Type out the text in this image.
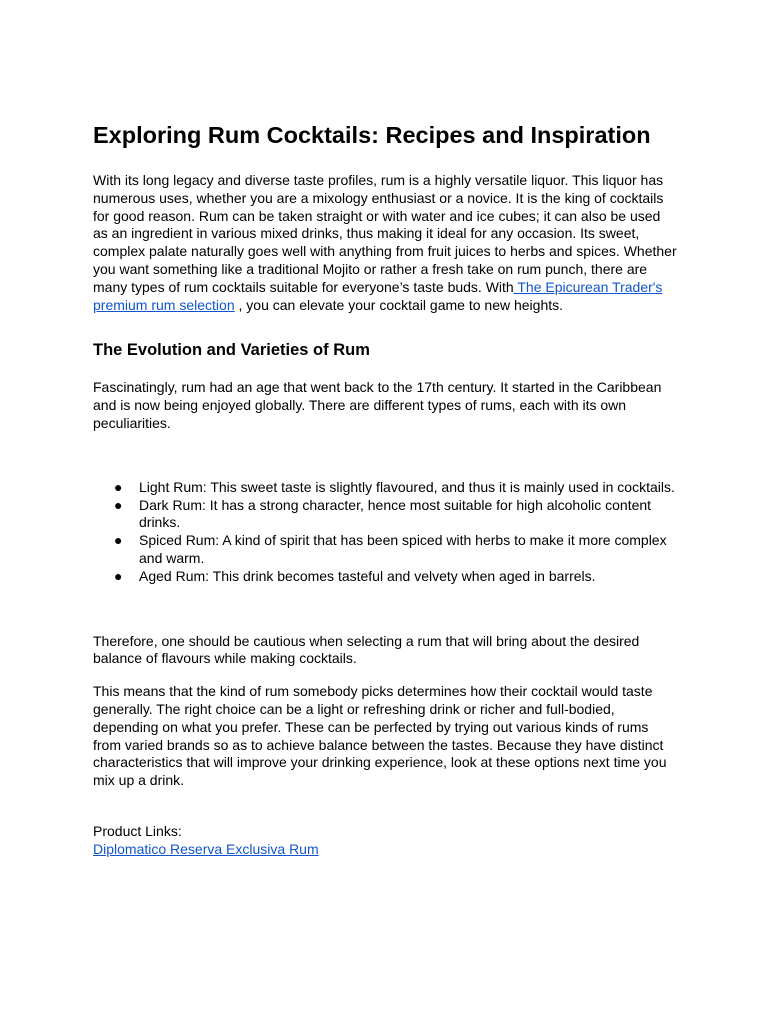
Exploring Rum Cocktails: Recipes and Inspiration

With its long legacy and diverse taste profiles, rum is a highly versatile liquor. This liquor has numerous uses, whether you are a mixology enthusiast or a novice. It is the king of cocktails for good reason. Rum can be taken straight or with water and ice cubes; it can also be used as an ingredient in various mixed drinks, thus making it ideal for any occasion. Its sweet, complex palate naturally goes well with anything from fruit juices to herbs and spices. Whether you want something like a traditional Mojito or rather a fresh take on rum punch, there are many types of rum cocktails suitable for everyone’s taste buds. With The Epicurean Trader's premium rum selection , you can elevate your cocktail game to new heights.

The Evolution and Varieties of Rum

Fascinatingly, rum had an age that went back to the 17th century. It started in the Caribbean and is now being enjoyed globally. There are different types of rums, each with its own peculiarities.

● Light Rum: This sweet taste is slightly flavoured, and thus it is mainly used in cocktails.
● Dark Rum: It has a strong character, hence most suitable for high alcoholic content drinks.
● Spiced Rum: A kind of spirit that has been spiced with herbs to make it more complex and warm.
● Aged Rum: This drink becomes tasteful and velvety when aged in barrels.

Therefore, one should be cautious when selecting a rum that will bring about the desired balance of flavours while making cocktails.

This means that the kind of rum somebody picks determines how their cocktail would taste generally. The right choice can be a light or refreshing drink or richer and full-bodied, depending on what you prefer. These can be perfected by trying out various kinds of rums from varied brands so as to achieve balance between the tastes. Because they have distinct characteristics that will improve your drinking experience, look at these options next time you mix up a drink.

Product Links:

Diplomatico Reserva Exclusiva Rum
